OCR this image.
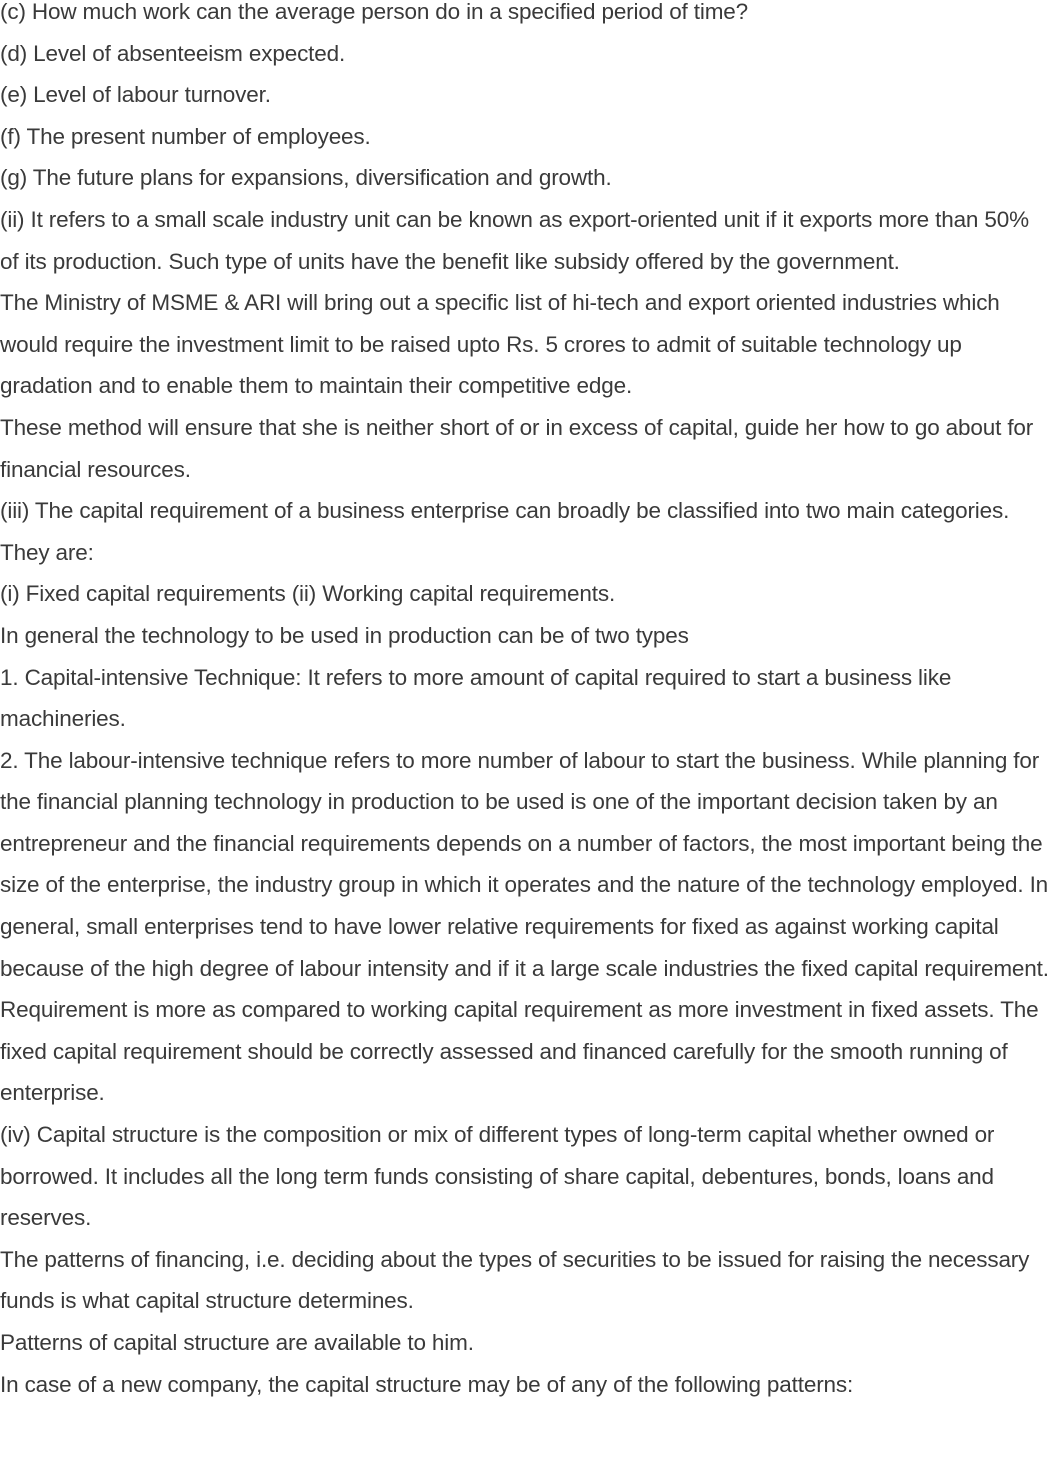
(c) How much work can the average person do in a specified period of time?

(d) Level of absenteeism expected.

(e) Level of labour turnover.

(f) The present number of employees.

(g) The future plans for expansions, diversification and growth.

(ii) It refers to a small scale industry unit can be known as export-oriented unit if it exports more than 50% of its production. Such type of units have the benefit like subsidy offered by the government.

The Ministry of MSME & ARI will bring out a specific list of hi-tech and export oriented industries which would require the investment limit to be raised upto Rs. 5 crores to admit of suitable technology up gradation and to enable them to maintain their competitive edge.

These method will ensure that she is neither short of or in excess of capital, guide her how to go about for financial resources.

(iii) The capital requirement of a business enterprise can broadly be classified into two main categories. They are:

(i) Fixed capital requirements (ii) Working capital requirements.

In general the technology to be used in production can be of two types

1. Capital-intensive Technique: It refers to more amount of capital required to start a business like machineries.

2. The labour-intensive technique refers to more number of labour to start the business. While planning for the financial planning technology in production to be used is one of the important decision taken by an entrepreneur and the financial requirements depends on a number of factors, the most important being the size of the enterprise, the industry group in which it operates and the nature of the technology employed. In general, small enterprises tend to have lower relative requirements for fixed as against working capital because of the high degree of labour intensity and if it a large scale industries the fixed capital requirement. Requirement is more as compared to working capital requirement as more investment in fixed assets. The fixed capital requirement should be correctly assessed and financed carefully for the smooth running of enterprise.

(iv) Capital structure is the composition or mix of different types of long-term capital whether owned or borrowed. It includes all the long term funds consisting of share capital, debentures, bonds, loans and reserves.

The patterns of financing, i.e. deciding about the types of securities to be issued for raising the necessary funds is what capital structure determines.

Patterns of capital structure are available to him.

In case of a new company, the capital structure may be of any of the following patterns:
